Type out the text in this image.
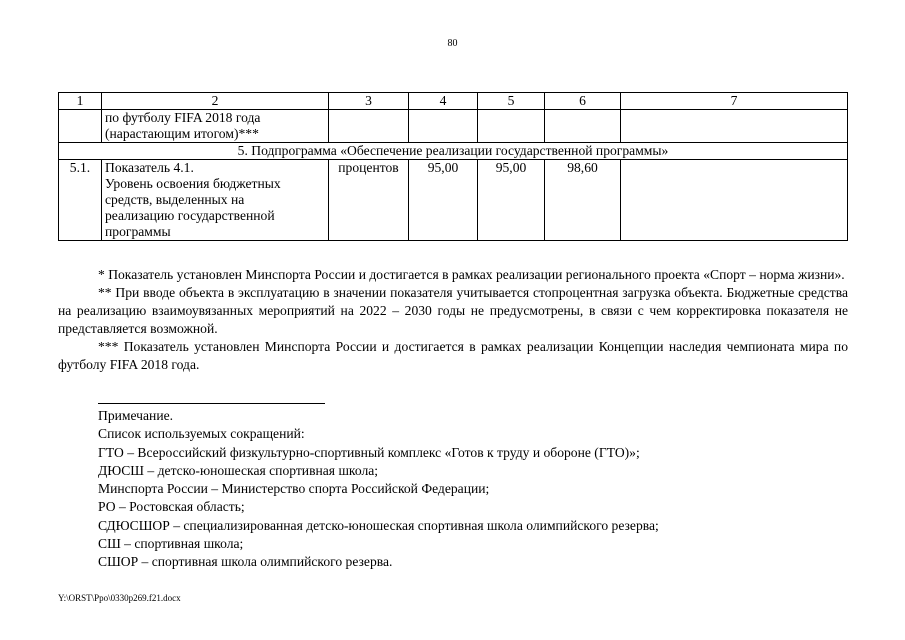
80
1	2	3	4	5	6	7

	по футболу FIFA 2018 года
(нарастающим итогом)***					

5. Подпрограмма «Обеспечение реализации государственной программы»						
5.1.	Показатель 4.1.
Уровень освоения бюджетных
средств, выделенных на
реализацию государственной
программы	процентов	95,00	95,00	98,60	

* Показатель установлен Минспорта России и достигается в рамках реализации регионального проекта «Спорт – норма жизни».

** При вводе объекта в эксплуатацию в значении показателя учитывается стопроцентная загрузка объекта. Бюджетные средства на реализацию взаимоувязанных мероприятий на 2022 – 2030 годы не предусмотрены, в связи с чем корректировка показателя не представляется возможной.

*** Показатель установлен Минспорта России и достигается в рамках реализации Концепции наследия чемпионата мира по футболу FIFA 2018 года.

Примечание.
Список используемых сокращений:
ГТО – Всероссийский физкультурно-спортивный комплекс «Готов к труду и обороне (ГТО)»;
ДЮСШ – детско-юношеская спортивная школа;
Минспорта России – Министерство спорта Российской Федерации;
РО – Ростовская область;
СДЮСШОР – специализированная детско-юношеская спортивная школа олимпийского резерва;
СШ – спортивная школа;
СШОР – спортивная школа олимпийского резерва.
Y:\ORST\Ppo\0330p269.f21.docx
